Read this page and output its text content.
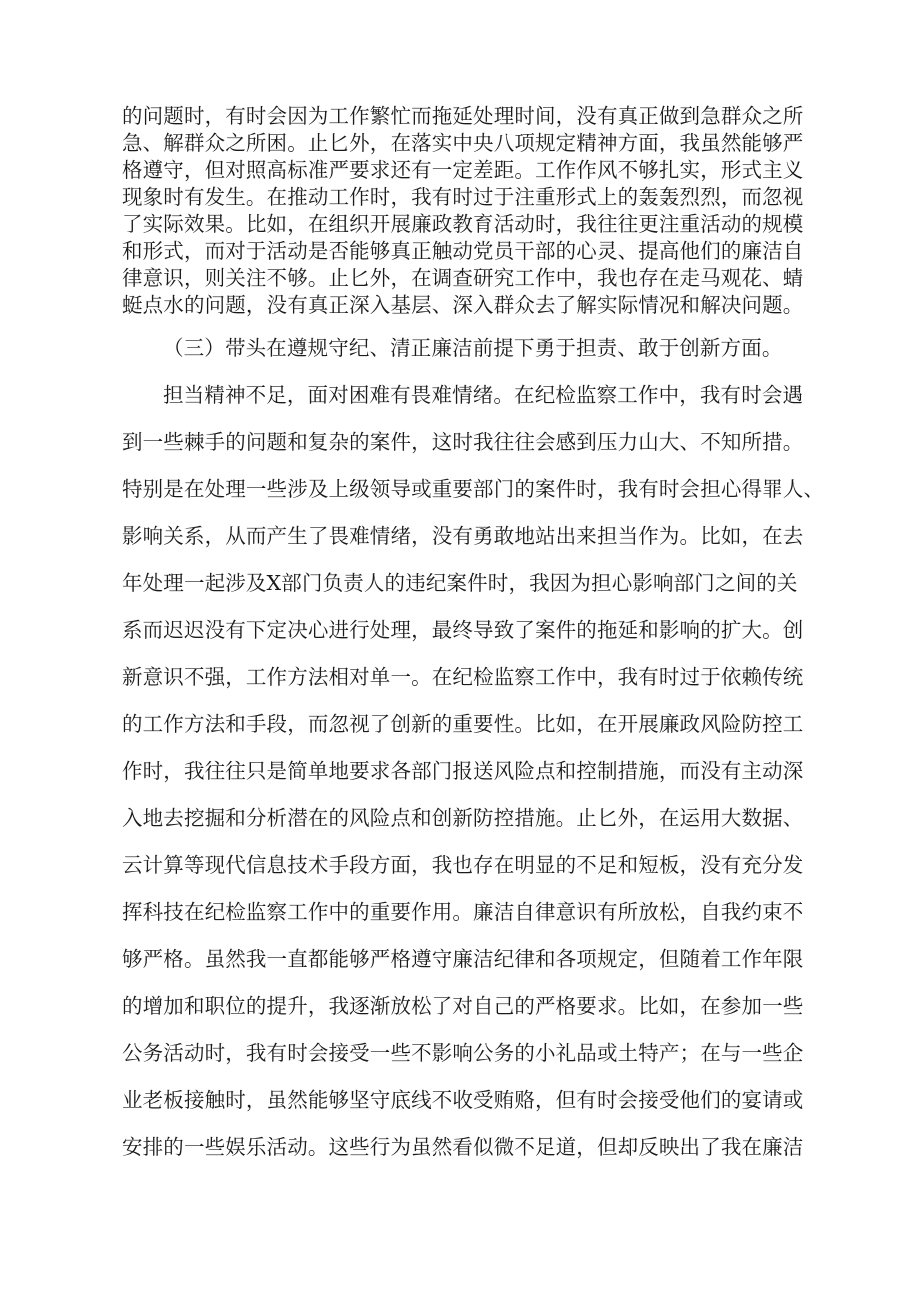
的问题时，有时会因为工作繁忙而拖延处理时间，没有真正做到急群众之所
急、解群众之所困。止匕外，在落实中央八项规定精神方面，我虽然能够严
格遵守，但对照高标准严要求还有一定差距。工作作风不够扎实，形式主义
现象时有发生。在推动工作时，我有时过于注重形式上的轰轰烈烈，而忽视
了实际效果。比如，在组织开展廉政教育活动时，我往往更注重活动的规模
和形式，而对于活动是否能够真正触动党员干部的心灵、提高他们的廉洁自
律意识，则关注不够。止匕外，在调查研究工作中，我也存在走马观花、蜻
蜓点水的问题，没有真正深入基层、深入群众去了解实际情况和解决问题。
（三）带头在遵规守纪、清正廉洁前提下勇于担责、敢于创新方面。
担当精神不足，面对困难有畏难情绪。在纪检监察工作中，我有时会遇
到一些棘手的问题和复杂的案件，这时我往往会感到压力山大、不知所措。
特别是在处理一些涉及上级领导或重要部门的案件时，我有时会担心得罪人、
影响关系，从而产生了畏难情绪，没有勇敢地站出来担当作为。比如，在去
年处理一起涉及X部门负责人的违纪案件时，我因为担心影响部门之间的关
系而迟迟没有下定决心进行处理，最终导致了案件的拖延和影响的扩大。创
新意识不强，工作方法相对单一。在纪检监察工作中，我有时过于依赖传统
的工作方法和手段，而忽视了创新的重要性。比如，在开展廉政风险防控工
作时，我往往只是简单地要求各部门报送风险点和控制措施，而没有主动深
入地去挖掘和分析潜在的风险点和创新防控措施。止匕外，在运用大数据、
云计算等现代信息技术手段方面，我也存在明显的不足和短板，没有充分发
挥科技在纪检监察工作中的重要作用。廉洁自律意识有所放松，自我约束不
够严格。虽然我一直都能够严格遵守廉洁纪律和各项规定，但随着工作年限
的增加和职位的提升，我逐渐放松了对自己的严格要求。比如，在参加一些
公务活动时，我有时会接受一些不影响公务的小礼品或土特产；在与一些企
业老板接触时，虽然能够坚守底线不收受贿赂，但有时会接受他们的宴请或
安排的一些娱乐活动。这些行为虽然看似微不足道，但却反映出了我在廉洁
